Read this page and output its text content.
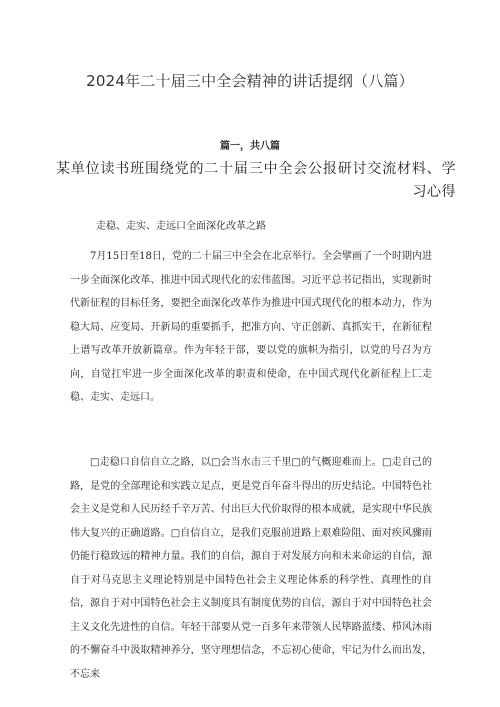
2024年二十届三中全会精神的讲话提纲（八篇）
篇一，共八篇
某单位读书班围绕党的二十届三中全会公报研讨交流材料、学习心得
走稳、走实、走远口全面深化改革之路
7月15日至18日，党的二十届三中全会在北京举行。全会擘画了一个时期内进一步全面深化改革、推进中国式现代化的宏伟蓝图。习近平总书记指出，实现新时代新征程的目标任务，要把全面深化改革作为推进中国式现代化的根本动力，作为稳大局、应变局、开新局的重要抓手，把准方向、守正创新、真抓实干，在新征程上谱写改革开放新篇章。作为年轻干部，要以党的旗帜为指引，以党的号召为方向，自觉扛牢进一步全面深化改革的职责和使命，在中国式现代化新征程上匚走稳、走实、走远口。
□走稳口自信自立之路，以□会当水击三千里□的气概迎难而上。□走自己的路，是党的全部理论和实践立足点，更是党百年奋斗得出的历史结论。中国特色社会主义是党和人民历经千辛万苦、付出巨大代价取得的根本成就，是实现中华民族伟大复兴的正确道路。□自信自立，是我们克服前进路上艰难险阻、面对疾风骤雨仍能行稳致远的精神力量。我们的自信，源自于对发展方向和未来命运的自信，源自于对马克思主义理论特别是中国特色社会主义理论体系的科学性、真理性的自信，源自于对中国特色社会主义制度具有制度优势的自信，源自于对中国特色社会主义文化先进性的自信。年轻干部要从党一百多年来带领人民筚路蓝缕、栉风沐雨的不懈奋斗中汲取精神养分，坚守理想信念，不忘初心使命，牢记为什么而出发，不忘来
